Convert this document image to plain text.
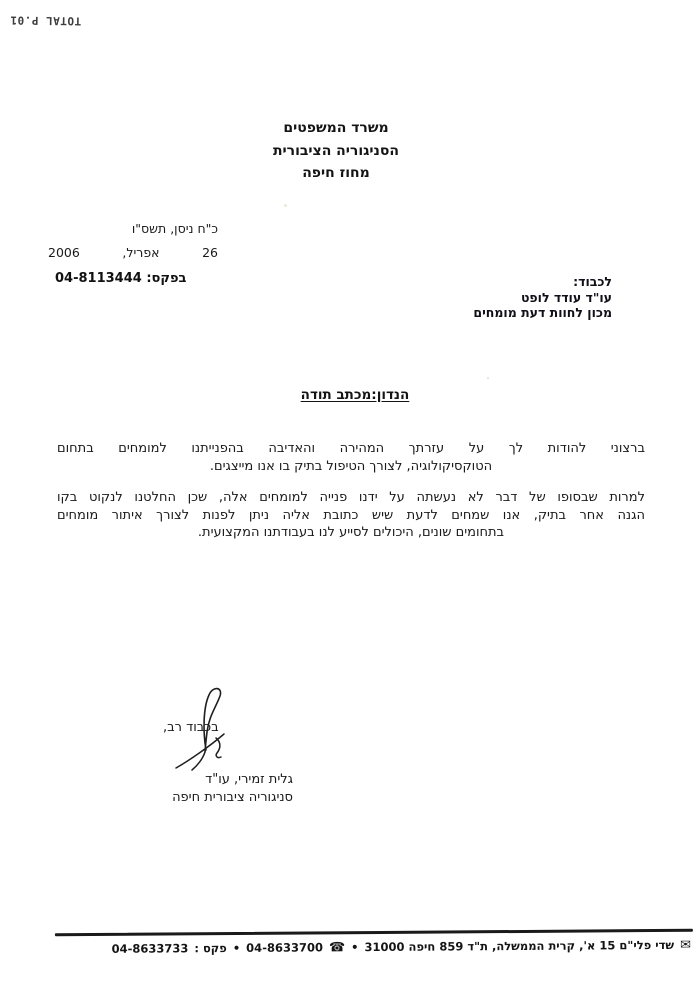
TOTAL P.01
משרד המשפטים
הסניגוריה הציבורית
מחוז חיפה
כ"ח ניסן, תשס"ו
26
אפריל,
2006
בפקס: 04-8113444	לכבוד:
עו"ד עודד לופט
מכון לחוות דעת מומחים
הנדון:מכתב תודה
ברצוני להודות לך על עזרתך המהירה והאדיבה בהפנייתנו למומחים בתחום
הטוקסיקולוגיה, לצורך הטיפול בתיק בו אנו מייצגים.
למרות שבסופו של דבר לא נעשתה על ידנו פנייה למומחים אלה, שכן החלטנו לנקוט בקו
הגנה אחר בתיק, אנו שמחים לדעת שיש כתובת אליה ניתן לפנות לצורך איתור מומחים
בתחומים שונים, היכולים לסייע לנו בעבודתנו המקצועית.
בכבוד רב,
גלית זמירי, עו"ד
סניגוריה ציבורית חיפה
✉
שדי פלי"ם 15 א', קרית הממשלה, ת"ד 859 חיפה 31000
•
☎
04-8633700
•
פקס :
04-8633733
